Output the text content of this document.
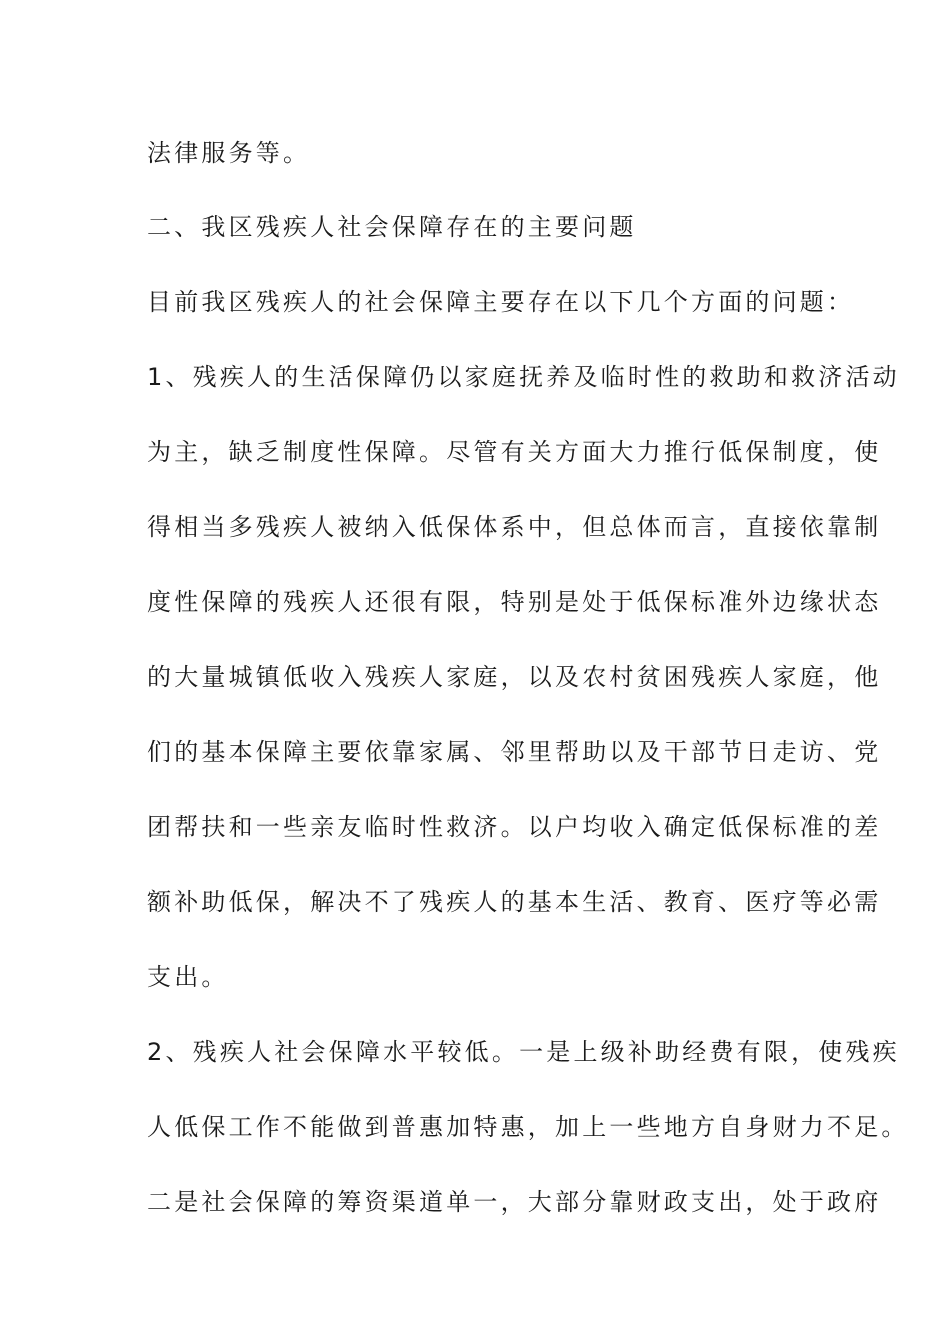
法律服务等。

二、我区残疾人社会保障存在的主要问题

目前我区残疾人的社会保障主要存在以下几个方面的问题：

1、残疾人的生活保障仍以家庭抚养及临时性的救助和救济活动

为主，缺乏制度性保障。尽管有关方面大力推行低保制度，使

得相当多残疾人被纳入低保体系中，但总体而言，直接依靠制

度性保障的残疾人还很有限，特别是处于低保标准外边缘状态

的大量城镇低收入残疾人家庭，以及农村贫困残疾人家庭，他

们的基本保障主要依靠家属、邻里帮助以及干部节日走访、党

团帮扶和一些亲友临时性救济。以户均收入确定低保标准的差

额补助低保，解决不了残疾人的基本生活、教育、医疗等必需

支出。

2、残疾人社会保障水平较低。一是上级补助经费有限，使残疾

人低保工作不能做到普惠加特惠，加上一些地方自身财力不足。

二是社会保障的筹资渠道单一，大部分靠财政支出，处于政府
